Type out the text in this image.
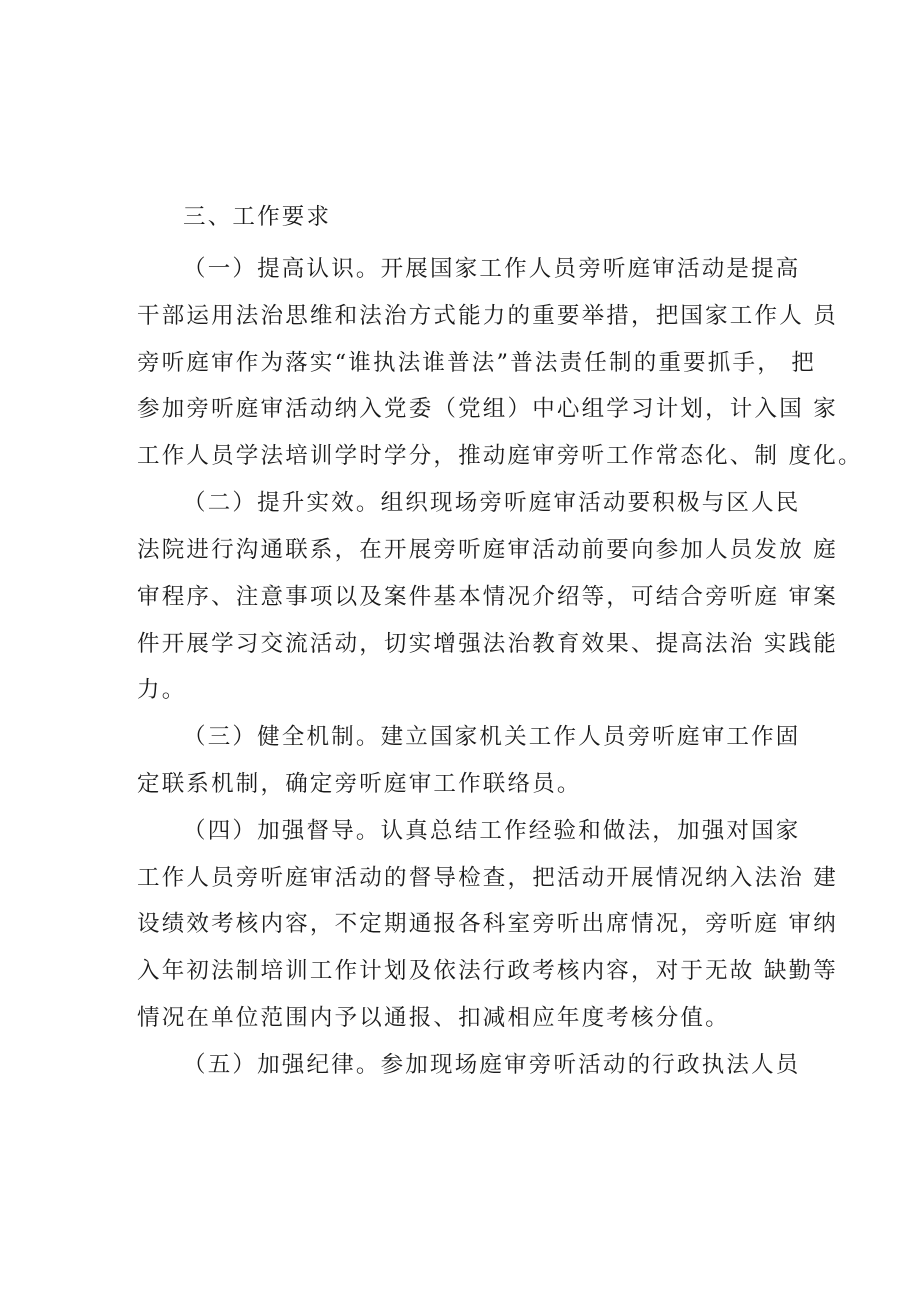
三、工作要求
（一）提高认识。开展国家工作人员旁听庭审活动是提高
干部运用法治思维和法治方式能力的重要举措，把国家工作人 员
旁听庭审作为落实“谁执法谁普法”普法责任制的重要抓手， 把
参加旁听庭审活动纳入党委（党组）中心组学习计划，计入国 家
工作人员学法培训学时学分，推动庭审旁听工作常态化、制 度化。
（二）提升实效。组织现场旁听庭审活动要积极与区人民
法院进行沟通联系，在开展旁听庭审活动前要向参加人员发放 庭
审程序、注意事项以及案件基本情况介绍等，可结合旁听庭 审案
件开展学习交流活动，切实增强法治教育效果、提高法治 实践能
力。
（三）健全机制。建立国家机关工作人员旁听庭审工作固
定联系机制，确定旁听庭审工作联络员。
（四）加强督导。认真总结工作经验和做法，加强对国家
工作人员旁听庭审活动的督导检查，把活动开展情况纳入法治 建
设绩效考核内容，不定期通报各科室旁听出席情况，旁听庭 审纳
入年初法制培训工作计划及依法行政考核内容，对于无故 缺勤等
情况在单位范围内予以通报、扣减相应年度考核分值。
（五）加强纪律。参加现场庭审旁听活动的行政执法人员
